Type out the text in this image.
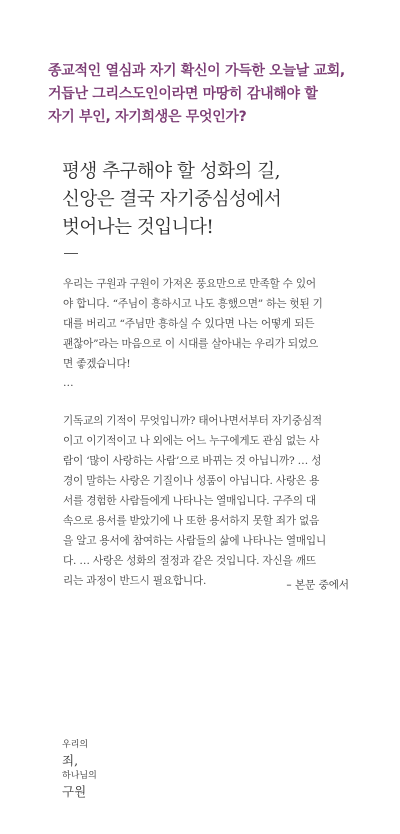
종교적인 열심과 자기 확신이 가득한 오늘날 교회,
거듭난 그리스도인이라면 마땅히 감내해야 할
자기 부인, 자기희생은 무엇인가?
평생 추구해야 할 성화의 길,
신앙은 결국 자기중심성에서
벗어나는 것입니다!
우리는 구원과 구원이 가져온 풍요만으로 만족할 수 있어
야 합니다. “주님이 흥하시고 나도 흥했으면” 하는 헛된 기
대를 버리고 “주님만 흥하실 수 있다면 나는 어떻게 되든
괜찮아”라는 마음으로 이 시대를 살아내는 우리가 되었으
면 좋겠습니다!
…
기독교의 기적이 무엇입니까? 태어나면서부터 자기중심적
이고 이기적이고 나 외에는 어느 누구에게도 관심 없는 사
람이 ‘많이 사랑하는 사람’으로 바뀌는 것 아닙니까? … 성
경이 말하는 사랑은 기질이나 성품이 아닙니다. 사랑은 용
서를 경험한 사람들에게 나타나는 열매입니다. 구주의 대
속으로 용서를 받았기에 나 또한 용서하지 못할 죄가 없음
을 알고 용서에 참여하는 사람들의 삶에 나타나는 열매입니
다. … 사랑은 성화의 절정과 같은 것입니다. 자신을 깨뜨
리는 과정이 반드시 필요합니다.	– 본문 중에서
우리의
죄,
하나님의
구원
